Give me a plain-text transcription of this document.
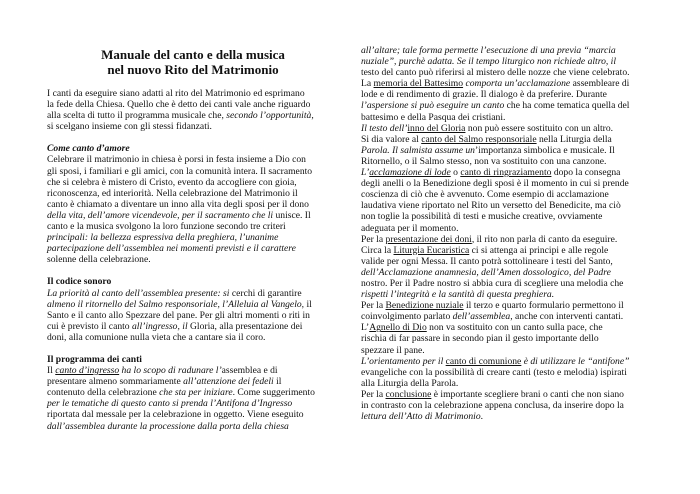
Manuale del canto e della musica
nel nuovo Rito del Matrimonio

I canti da eseguire siano adatti al rito del Matrimonio ed esprimano

la fede della Chiesa. Quello che è detto dei canti vale anche riguardo

alla scelta di tutto il programma musicale che, secondo l’opportunità,

si scelgano insieme con gli stessi fidanzati.

Come canto d’amore

Celebrare il matrimonio in chiesa è porsi in festa insieme a Dio con

gli sposi, i familiari e gli amici, con la comunità intera. Il sacramento

che si celebra è mistero di Cristo, evento da accogliere con gioia,

riconoscenza, ed interiorità. Nella celebrazione del Matrimonio il

canto è chiamato a diventare un inno alla vita degli sposi per il dono

della vita, dell’amore vicendevole, per il sacramento che li unisce. Il

canto e la musica svolgono la loro funzione secondo tre criteri

principali: la bellezza espressiva della preghiera, l’unanime

partecipazione dell’assemblea nei momenti previsti e il carattere

solenne della celebrazione.

Il codice sonoro

La priorità al canto dell’assemblea presente: si cerchi di garantire

almeno il ritornello del Salmo responsoriale, l’Alleluia al Vangelo, il

Santo e il canto allo Spezzare del pane. Per gli altri momenti o riti in

cui è previsto il canto all’ingresso, il Gloria, alla presentazione dei

doni, alla comunione nulla vieta che a cantare sia il coro.

Il programma dei canti

Il canto d’ingresso ha lo scopo di radunare l’assemblea e di

presentare almeno sommariamente all’attenzione dei fedeli il

contenuto della celebrazione che sta per iniziare. Come suggerimento

per le tematiche di questo canto si prenda l’Antifona d’Ingresso

riportata dal messale per la celebrazione in oggetto. Viene eseguito

dall’assemblea durante la processione dalla porta della chiesa

all’altare; tale forma permette l’esecuzione di una previa “marcia

nuziale”, purchè adatta. Se il tempo liturgico non richiede altro, il

testo del canto può riferirsi al mistero delle nozze che viene celebrato.

La memoria del Battesimo comporta un’acclamazione assembleare di

lode e di rendimento di grazie. Il dialogo è da preferire. Durante

l’aspersione si può eseguire un canto che ha come tematica quella del

battesimo e della Pasqua dei cristiani.

Il testo dell’inno del Gloria non può essere sostituito con un altro.

Si dia valore al canto del Salmo responsoriale nella Liturgia della

Parola. Il salmista assume un’importanza simbolica e musicale. Il

Ritornello, o il Salmo stesso, non va sostituito con una canzone.

L’acclamazione di lode o canto di ringraziamento dopo la consegna

degli anelli o la Benedizione degli sposi è il momento in cui si prende

coscienza di ciò che è avvenuto. Come esempio di acclamazione

laudativa viene riportato nel Rito un versetto del Benedicite, ma ciò

non toglie la possibilità di testi e musiche creative, ovviamente

adeguata per il momento.

Per la presentazione dei doni, il rito non parla di canto da eseguire.

Circa la Liturgia Eucaristica ci si attenga ai principi e alle regole

valide per ogni Messa. Il canto potrà sottolineare i testi del Santo,

dell’Acclamazione anamnesia, dell’Amen dossologico, del Padre

nostro. Per il Padre nostro si abbia cura di scegliere una melodia che

rispetti l’integrità e la santità di questa preghiera.

Per la Benedizione nuziale il terzo e quarto formulario permettono il

coinvolgimento parlato dell’assemblea, anche con interventi cantati.

L’Agnello di Dio non va sostituito con un canto sulla pace, che

rischia di far passare in secondo pian il gesto importante dello

spezzare il pane.

L’orientamento per il canto di comunione è di utilizzare le “antifone”

evangeliche con la possibilità di creare canti (testo e melodia) ispirati

alla Liturgia della Parola.

Per la conclusione è importante scegliere brani o canti che non siano

in contrasto con la celebrazione appena conclusa, da inserire dopo la

lettura dell’Atto di Matrimonio.
